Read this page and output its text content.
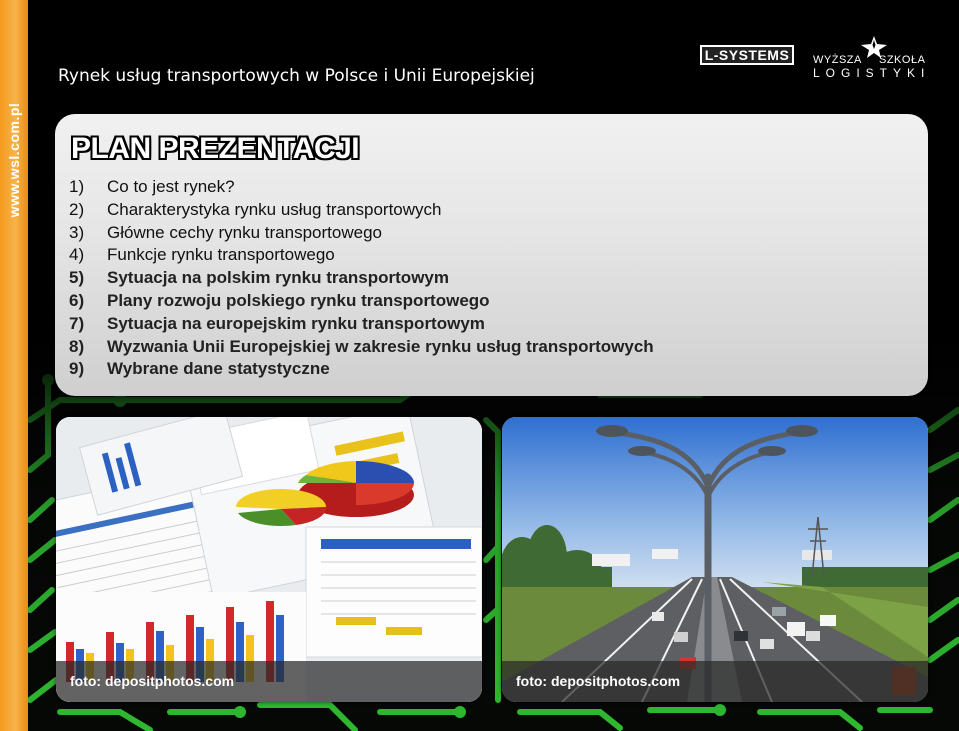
www.wsl.com.pl
Rynek usług transportowych w Polsce i Unii Europejskiej
L-SYSTEMS WYŻSZA SZKOŁA
LOGISTYKI
PLAN PREZENTACJI
1)	Co to jest rynek?
2)	Charakterystyka rynku usług transportowych
3)	Główne cechy rynku transportowego
4)	Funkcje rynku transportowego
5)	Sytuacja na polskim rynku transportowym
6)	Plany rozwoju polskiego rynku transportowego
7)	Sytuacja na europejskim rynku transportowym
8)	Wyzwania Unii Europejskiej w zakresie rynku usług transportowych
9)	Wybrane dane statystyczne
foto: depositphotos.com	foto: depositphotos.com
